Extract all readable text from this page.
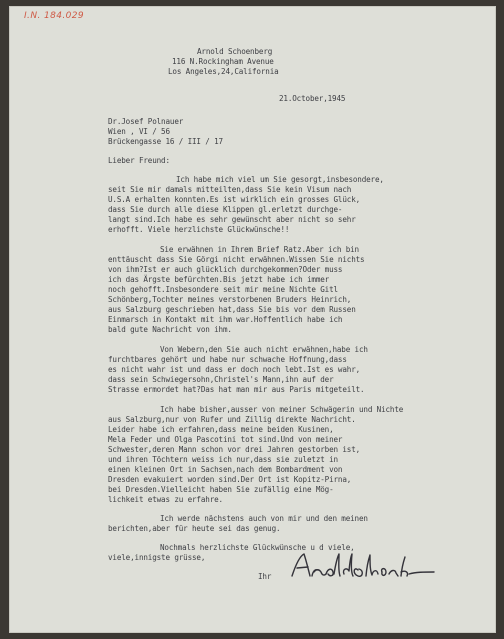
I.N. 184.029
Arnold Schoenberg
116 N.Rockingham Avenue
Los Angeles,24,California
21.October,1945
Dr.Josef Polnauer
Wien , VI / 56
Brückengasse 16 / III / 17
Lieber Freund:
Ich habe mich viel um Sie gesorgt,insbesondere,
seit Sie mir damals mitteilten,dass Sie kein Visum nach
U.S.A erhalten konnten.Es ist wirklich ein grosses Glück,
dass Sie durch alle diese Klippen gl.erletzt durchge-
langt sind.Ich habe es sehr gewünscht aber nicht so sehr
erhofft. Viele herzlichste Glückwünsche!!
Sie erwähnen in Ihrem Brief Ratz.Aber ich bin
enttäuscht dass Sie Görgi nicht erwähnen.Wissen Sie nichts
von ihm?Ist er auch glücklich durchgekommen?Oder muss
ich das Ärgste befürchten.Bis jetzt habe ich immer
noch gehofft.Insbesondere seit mir meine Nichte Gitl
Schönberg,Tochter meines verstorbenen Bruders Heinrich,
aus Salzburg geschrieben hat,dass Sie bis vor dem Russen
Einmarsch in Kontakt mit ihm war.Hoffentlich habe ich
bald gute Nachricht von ihm.
Von Webern,den Sie auch nicht erwähnen,habe ich
furchtbares gehört und habe nur schwache Hoffnung,dass
es nicht wahr ist und dass er doch noch lebt.Ist es wahr,
dass sein Schwiegersohn,Christel's Mann,ihn auf der
Strasse ermordet hat?Das hat man mir aus Paris mitgeteilt.
Ich habe bisher,ausser von meiner Schwägerin und Nichte
aus Salzburg,nur von Rufer und Zillig direkte Nachricht.
Leider habe ich erfahren,dass meine beiden Kusinen,
Mela Feder und Olga Pascotini tot sind.Und von meiner
Schwester,deren Mann schon vor drei Jahren gestorben ist,
und ihren Töchtern weiss ich nur,dass sie zuletzt in
einen kleinen Ort in Sachsen,nach dem Bombardment von
Dresden evakuiert worden sind.Der Ort ist Kopitz-Pirna,
bei Dresden.Vielleicht haben Sie zufällig eine Mög-
lichkeit etwas zu erfahre.
Ich werde nächstens auch von mir und den meinen
berichten,aber für heute sei das genug.
Nochmals herzlichste Glückwünsche u d viele,
viele,innigste grüsse,
Ihr
